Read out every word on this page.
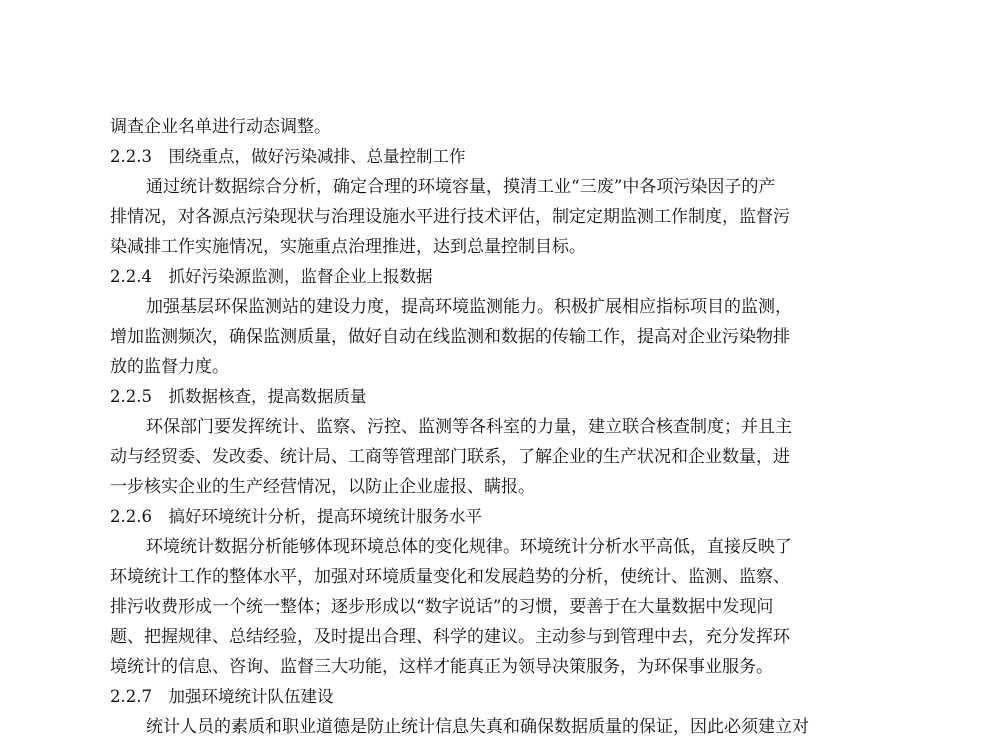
调查企业名单进行动态调整。
2.2.3　围绕重点，做好污染减排、总量控制工作
通过统计数据综合分析，确定合理的环境容量，摸清工业“三废”中各项污染因子的产
排情况，对各源点污染现状与治理设施水平进行技术评估，制定定期监测工作制度，监督污
染减排工作实施情况，实施重点治理推进，达到总量控制目标。
2.2.4　抓好污染源监测，监督企业上报数据
加强基层环保监测站的建设力度，提高环境监测能力。积极扩展相应指标项目的监测，
增加监测频次，确保监测质量，做好自动在线监测和数据的传输工作，提高对企业污染物排
放的监督力度。
2.2.5　抓数据核查，提高数据质量
环保部门要发挥统计、监察、污控、监测等各科室的力量，建立联合核查制度；并且主
动与经贸委、发改委、统计局、工商等管理部门联系，了解企业的生产状况和企业数量，进
一步核实企业的生产经营情况，以防止企业虚报、瞒报。
2.2.6　搞好环境统计分析，提高环境统计服务水平
环境统计数据分析能够体现环境总体的变化规律。环境统计分析水平高低，直接反映了
环境统计工作的整体水平，加强对环境质量变化和发展趋势的分析，使统计、监测、监察、
排污收费形成一个统一整体；逐步形成以“数字说话”的习惯，要善于在大量数据中发现问
题、把握规律、总结经验，及时提出合理、科学的建议。主动参与到管理中去，充分发挥环
境统计的信息、咨询、监督三大功能，这样才能真正为领导决策服务，为环保事业服务。
2.2.7　加强环境统计队伍建设
统计人员的素质和职业道德是防止统计信息失真和确保数据质量的保证，因此必须建立对
